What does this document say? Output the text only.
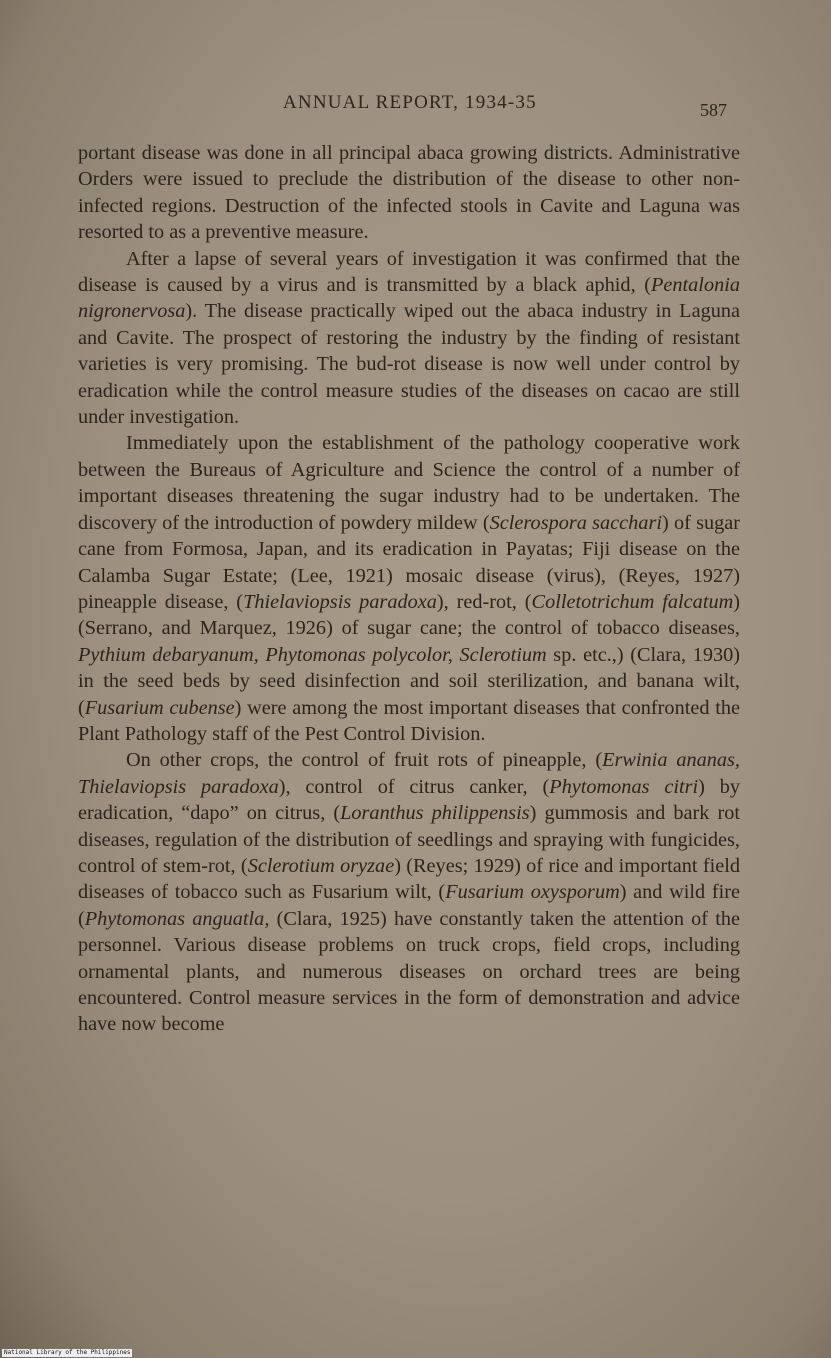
ANNUAL REPORT, 1934-35	587

portant disease was done in all principal abaca growing districts. Administrative Orders were issued to preclude the distribution of the disease to other non-infected regions. Destruction of the infected stools in Cavite and Laguna was resorted to as a preventive measure.

After a lapse of several years of investigation it was confirmed that the disease is caused by a virus and is transmitted by a black aphid, (Pentalonia nigronervosa). The disease practically wiped out the abaca industry in Laguna and Cavite. The prospect of restoring the industry by the finding of resistant varieties is very promising. The bud-rot disease is now well under control by eradication while the control measure studies of the diseases on cacao are still under investigation.

Immediately upon the establishment of the pathology cooperative work between the Bureaus of Agriculture and Science the control of a number of important diseases threatening the sugar industry had to be undertaken. The discovery of the introduction of powdery mildew (Sclerospora sacchari) of sugar cane from Formosa, Japan, and its eradication in Payatas; Fiji disease on the Calamba Sugar Estate; (Lee, 1921) mosaic disease (virus), (Reyes, 1927) pineapple disease, (Thielaviopsis paradoxa), red-rot, (Colletotrichum falcatum) (Serrano, and Marquez, 1926) of sugar cane; the control of tobacco diseases, Pythium debaryanum, Phytomonas polycolor, Sclerotium sp. etc.,) (Clara, 1930) in the seed beds by seed disinfection and soil sterilization, and banana wilt, (Fusarium cubense) were among the most important diseases that confronted the Plant Pathology staff of the Pest Control Division.

On other crops, the control of fruit rots of pineapple, (Erwinia ananas, Thielaviopsis paradoxa), control of citrus canker, (Phytomonas citri) by eradication, “dapo” on citrus, (Loranthus philippensis) gummosis and bark rot diseases, regulation of the distribution of seedlings and spraying with fungicides, control of stem-rot, (Sclerotium oryzae) (Reyes; 1929) of rice and important field diseases of tobacco such as Fusarium wilt, (Fusarium oxysporum) and wild fire (Phytomonas anguatla, (Clara, 1925) have constantly taken the attention of the personnel. Various disease problems on truck crops, field crops, including ornamental plants, and numerous diseases on orchard trees are being encountered. Control measure services in the form of demonstration and advice have now become

National Library of the Philippines
